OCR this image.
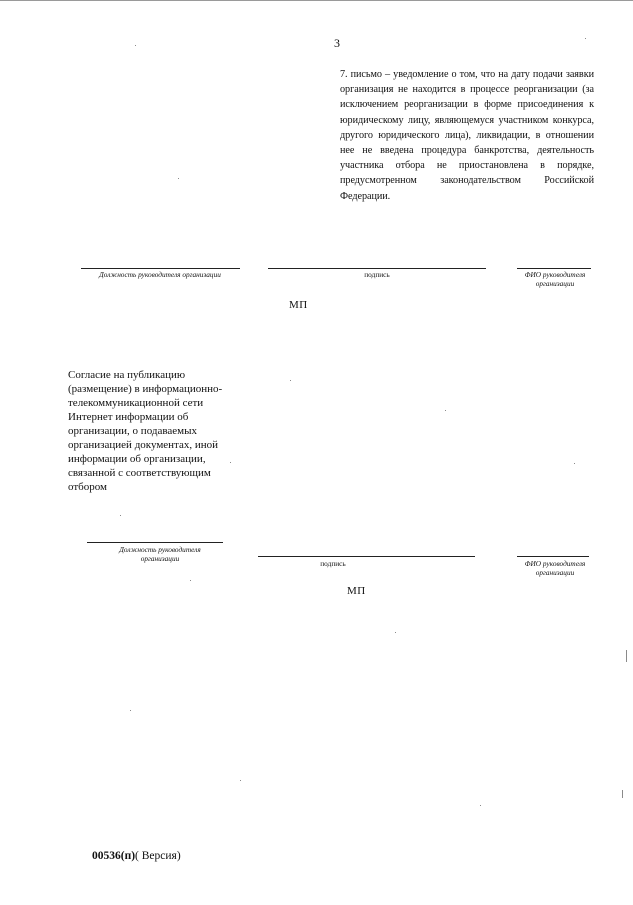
3
7. письмо – уведомление о том, что на дату подачи заявки организация не находится в процессе реорганизации (за исключением реорганизации в форме присоединения к юридическому лицу, являющемуся участником конкурса, другого юридического лица), ликвидации, в отношении нее не введена процедура банкротства, деятельность участника отбора не приостановлена в порядке, предусмотренном законодательством Российской Федерации.
Должность руководителя организации	подпись	ФИО руководителя организации
МП
Согласие на публикацию (размещение) в информационно-телекоммуникационной сети Интернет информации об организации, о подаваемых организацией документах, иной информации об организации, связанной с соответствующим отбором
Должность руководителя организации
подпись	ФИО руководителя организации
МП
00536(п)( Версия)
